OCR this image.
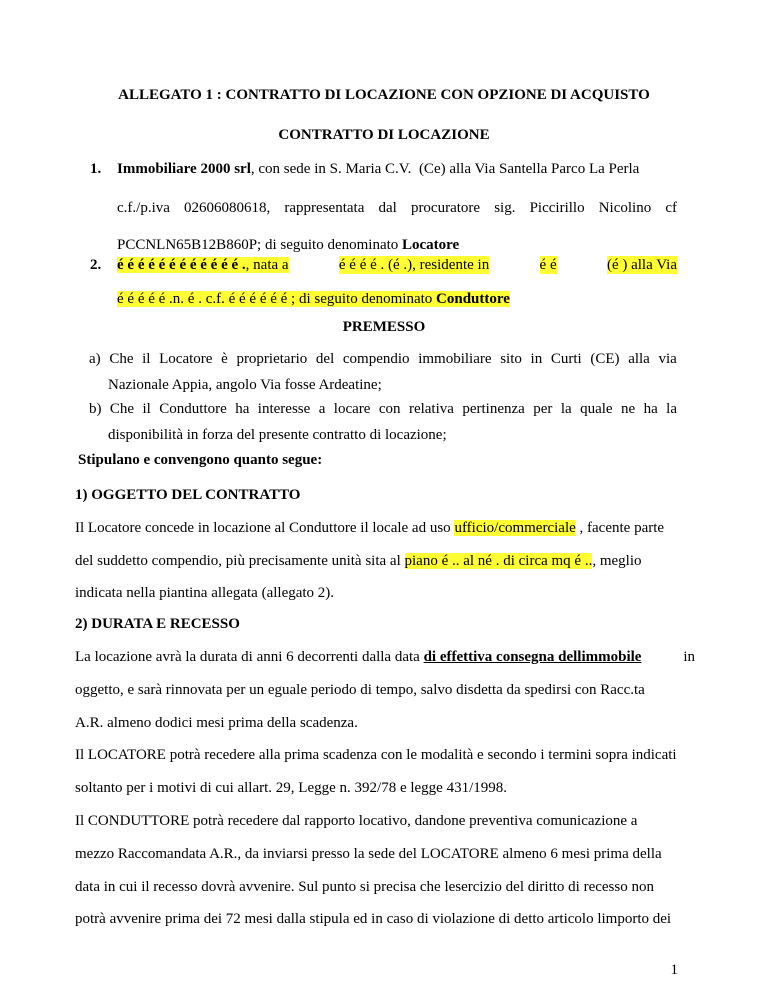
ALLEGATO 1 : CONTRATTO DI LOCAZIONE CON OPZIONE DI ACQUISTO
CONTRATTO DI LOCAZIONE
1. Immobiliare 2000 srl, con sede in S. Maria C.V. (Ce) alla Via Santella Parco La Perla
c.f./p.iva 02606080618, rappresentata dal procuratore sig. Piccirillo Nicolino cf
PCCNLN65B12B860P; di seguito denominato Locatore
2. é é é é é é é é é é é é ., nata a	é é é é . (é .), residente in	é é	(é ) alla Via
é é é é é .n. é . c.f. é é é é é é ; di seguito denominato Conduttore
PREMESSO
a) Che il Locatore è proprietario del compendio immobiliare sito in Curti (CE) alla via
Nazionale Appia, angolo Via fosse Ardeatine;
b) Che il Conduttore ha interesse a locare con relativa pertinenza per la quale ne ha la
disponibilità in forza del presente contratto di locazione;
Stipulano e convengono quanto segue:
1) OGGETTO DEL CONTRATTO
Il Locatore concede in locazione al Conduttore il locale ad uso ufficio/commerciale , facente parte
del suddetto compendio, più precisamente unità sita al piano é .. al né . di circa mq é .., meglio
indicata nella piantina allegata (allegato 2).
2) DURATA E RECESSO
La locazione avrà la durata di anni 6 decorrenti dalla data di effettiva consegna dellimmobile	in
oggetto, e sarà rinnovata per un eguale periodo di tempo, salvo disdetta da spedirsi con Racc.ta
A.R. almeno dodici mesi prima della scadenza.
Il LOCATORE potrà recedere alla prima scadenza con le modalità e secondo i termini sopra indicati
soltanto per i motivi di cui allart. 29, Legge n. 392/78 e legge 431/1998.
Il CONDUTTORE potrà recedere dal rapporto locativo, dandone preventiva comunicazione a
mezzo Raccomandata A.R., da inviarsi presso la sede del LOCATORE almeno 6 mesi prima della
data in cui il recesso dovrà avvenire. Sul punto si precisa che lesercizio del diritto di recesso non
potrà avvenire prima dei 72 mesi dalla stipula ed in caso di violazione di detto articolo limporto dei
1
